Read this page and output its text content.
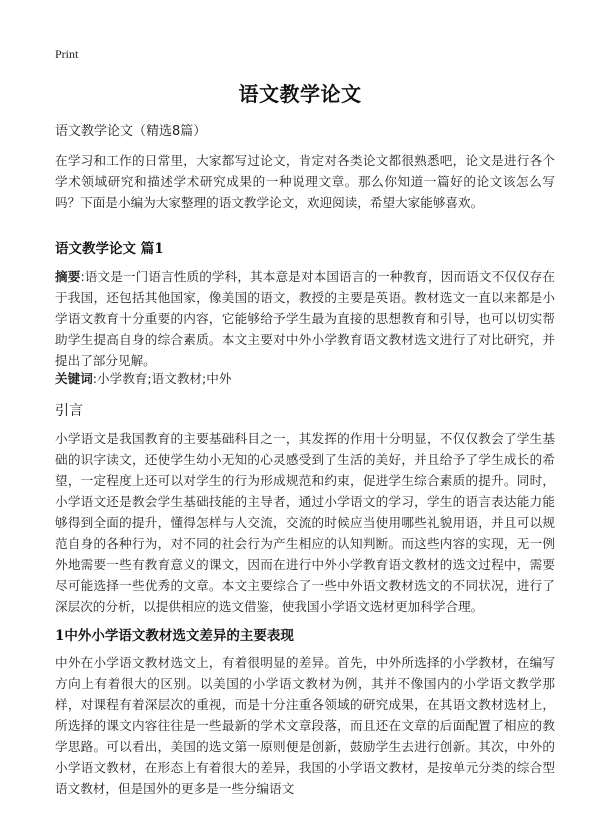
Print
语文教学论文
语文教学论文（精选8篇）

在学习和工作的日常里，大家都写过论文，肯定对各类论文都很熟悉吧，论文是进行各个学术领域研究和描述学术研究成果的一种说理文章。那么你知道一篇好的论文该怎么写吗？下面是小编为大家整理的语文教学论文，欢迎阅读，希望大家能够喜欢。

语文教学论文 篇1

摘要:语文是一门语言性质的学科，其本意是对本国语言的一种教育，因而语文不仅仅存在于我国，还包括其他国家，像美国的语文，教授的主要是英语。教材选文一直以来都是小学语文教育十分重要的内容，它能够给予学生最为直接的思想教育和引导，也可以切实帮助学生提高自身的综合素质。本文主要对中外小学教育语文教材选文进行了对比研究，并提出了部分见解。

关键词:小学教育;语文教材;中外

引言

小学语文是我国教育的主要基础科目之一，其发挥的作用十分明显，不仅仅教会了学生基础的识字读文，还使学生幼小无知的心灵感受到了生活的美好，并且给予了学生成长的希望，一定程度上还可以对学生的行为形成规范和约束，促进学生综合素质的提升。同时，小学语文还是教会学生基础技能的主导者，通过小学语文的学习，学生的语言表达能力能够得到全面的提升，懂得怎样与人交流，交流的时候应当使用哪些礼貌用语，并且可以规范自身的各种行为，对不同的社会行为产生相应的认知判断。而这些内容的实现，无一例外地需要一些有教育意义的课文，因而在进行中外小学教育语文教材的选文过程中，需要尽可能选择一些优秀的文章。本文主要综合了一些中外语文教材选文的不同状况，进行了深层次的分析，以提供相应的选文借鉴，使我国小学语文选材更加科学合理。

1中外小学语文教材选文差异的主要表现

中外在小学语文教材选文上，有着很明显的差异。首先，中外所选择的小学教材，在编写方向上有着很大的区别。以美国的小学语文教材为例，其并不像国内的小学语文教学那样，对课程有着深层次的重视，而是十分注重各领域的研究成果，在其语文教材选材上，所选择的课文内容往往是一些最新的学术文章段落，而且还在文章的后面配置了相应的教学思路。可以看出，美国的选文第一原则便是创新，鼓励学生去进行创新。其次，中外的小学语文教材，在形态上有着很大的差异，我国的小学语文教材，是按单元分类的综合型语文教材，但是国外的更多是一些分编语文
